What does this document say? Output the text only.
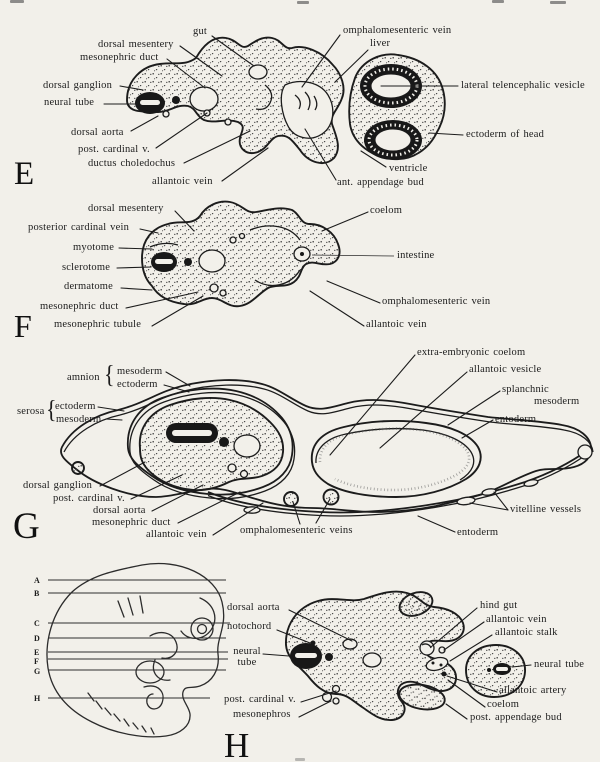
A
B
C
D
E
F
G
H
E
F
G
H
gut
dorsal mesentery
mesonephric duct
dorsal ganglion
neural tube
dorsal aorta
post. cardinal v.
ductus choledochus
allantoic vein
omphalomesenteric vein
liver
lateral telencephalic vesicle
ectoderm of head
ventricle
ant. appendage bud
dorsal mesentery
posterior cardinal vein
myotome
sclerotome
dermatome
mesonephric duct
mesonephric tubule
coelom
intestine
omphalomesenteric vein
allantoic vein
amnion { mesoderm
ectoderm
serosa {
ectoderm
mesoderm
extra-embryonic coelom
allantoic vesicle
splanchnic
mesoderm
entoderm
dorsal ganglion
post. cardinal v.
dorsal aorta
mesonephric duct
allantoic vein	omphalomesenteric veins
vitelline vessels
entoderm
dorsal aorta
notochord
neural tube
post. cardinal v.
mesonephros
hind gut
allantoic vein
allantoic stalk
neural tube
allantoic artery
coelom
post. appendage bud
